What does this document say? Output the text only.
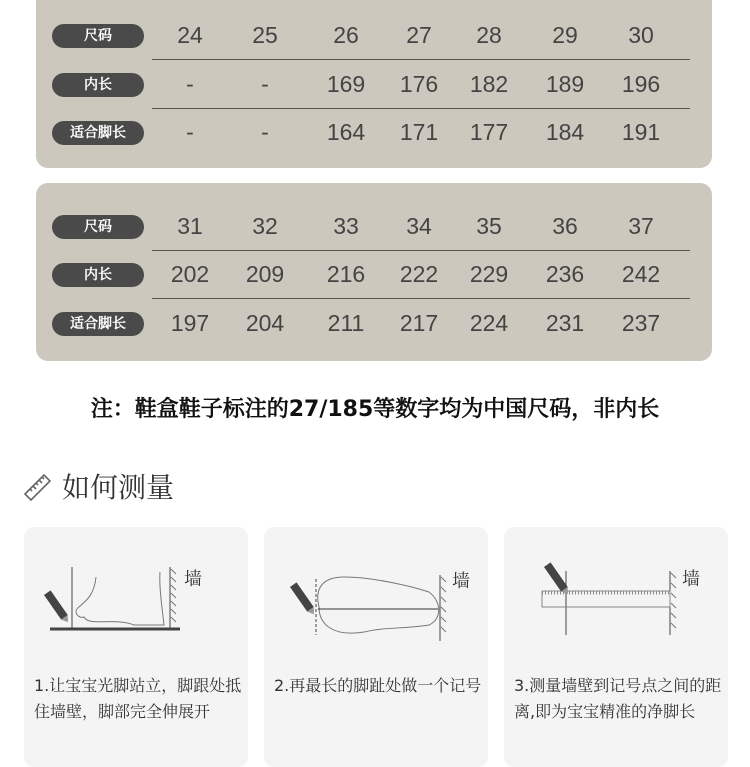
尺码	24	25	26	27	28	29	30
内长	-	-	169	176	182	189	196
适合脚长	-	-	164	171	177	184	191
尺码	31	32	33	34	35	36	37
内长	202	209	216	222	229	236	242
适合脚长	197	204	211	217	224	231	237
如何测量
注：鞋盒鞋子标注的27/185等数字均为中国尺码，非内长
墙

1.让宝宝光脚站立，脚跟处抵住墙壁，脚部完全伸展开

墙

2.再最长的脚趾处做一个记号

墙

3.测量墙壁到记号点之间的距离,即为宝宝精准的净脚长
